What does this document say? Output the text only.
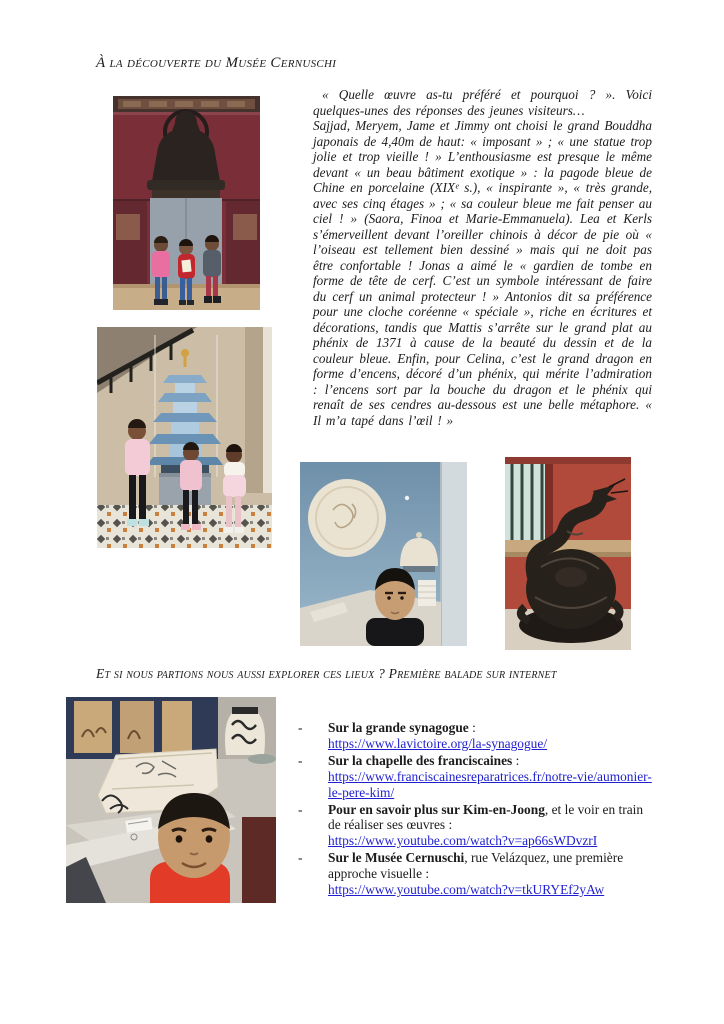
À la découverte du Musée Cernuschi

« Quelle œuvre as-tu préféré et pourquoi ? ». Voici quelques-unes des réponses des jeunes visiteurs…

Sajjad, Meryem, Jame et Jimmy ont choisi le grand Bouddha japonais de 4,40m de haut: « imposant » ; « une statue trop jolie et trop vieille ! » L’enthousiasme est presque le même devant « un beau bâtiment exotique » : la pagode bleue de Chine en porcelaine (XIXᵉ s.), « inspirante », « très grande, avec ses cinq étages » ; « sa couleur bleue me fait penser au ciel ! » (Saora, Finoa et Marie-Emmanuela). Lea et Kerls s’émerveillent devant l’oreiller chinois à décor de pie où « l’oiseau est tellement bien dessiné » mais qui ne doit pas être confortable ! Jonas a aimé le « gardien de tombe en forme de tête de cerf. C’est un symbole intéressant de faire du cerf un animal protecteur ! » Antonios dit sa préférence pour une cloche coréenne « spéciale », riche en écritures et décorations, tandis que Mattis s’arrête sur le grand plat au phénix de 1371 à cause de la beauté du dessin et de la couleur bleue. Enfin, pour Celina, c’est le grand dragon en forme d’encens, décoré d’un phénix, qui mérite l’admiration : l’encens sort par la bouche du dragon et le phénix qui renaît de ses cendres au-dessous est une belle métaphore. « Il m’a tapé dans l’œil ! »

Et si nous partions nous aussi explorer ces lieux ? Première balade sur internet
-	Sur la grande synagogue :
https://www.lavictoire.org/la-synagogue/
-	Sur la chapelle des franciscaines :
https://www.franciscainesreparatrices.fr/notre-vie/aumonier-le-pere-kim/
-	Pour en savoir plus sur Kim-en-Joong, et le voir en train de réaliser ses œuvres :
https://www.youtube.com/watch?v=ap66sWDvzrI
-	Sur le Musée Cernuschi, rue Velázquez, une première approche visuelle :
https://www.youtube.com/watch?v=tkURYEf2yAw
